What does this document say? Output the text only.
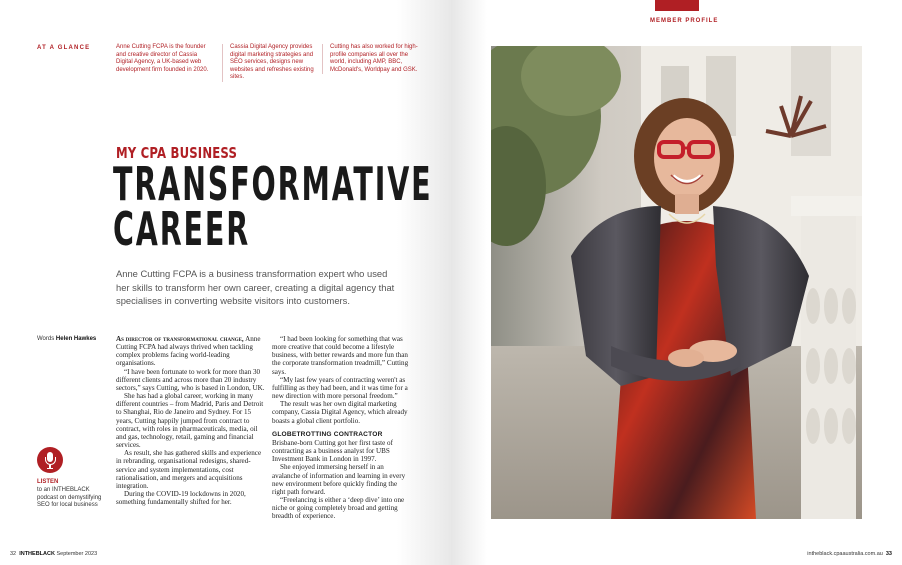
AT A GLANCE	Anne Cutting FCPA is the founder and creative director of Cassia Digital Agency, a UK-based web development firm founded in 2020.
Cassia Digital Agency provides digital marketing strategies and SEO services, designs new websites and refreshes existing sites.
Cutting has also worked for high-profile companies all over the world, including AMP, BBC, McDonald's, Worldpay and GSK.
MY CPA BUSINESS
TRANSFORMATIVE
CAREER
Anne Cutting FCPA is a business transformation expert who used her skills to transform her own career, creating a digital agency that specialises in converting website visitors into customers.
Words Helen Hawkes
LISTEN
to an INTHEBLACK podcast on demystifying SEO for local business

As director of transformational change, Anne Cutting FCPA had always thrived when tackling complex problems facing world-leading organisations.

“I have been fortunate to work for more than 30 different clients and across more than 20 industry sectors,” says Cutting, who is based in London, UK.

She has had a global career, working in many different countries – from Madrid, Paris and Detroit to Shanghai, Rio de Janeiro and Sydney. For 15 years, Cutting happily jumped from contract to contract, with roles in pharmaceuticals, media, oil and gas, technology, retail, gaming and financial services.

As result, she has gathered skills and experience in rebranding, organisational redesigns, shared-service and system implementations, cost rationalisation, and mergers and acquisitions integration.

During the COVID-19 lockdowns in 2020, something fundamentally shifted for her.

“I had been looking for something that was more creative that could become a lifestyle business, with better rewards and more fun than the corporate transformation treadmill,” Cutting says.

“My last few years of contracting weren't as fulfilling as they had been, and it was time for a new direction with more personal freedom.”

The result was her own digital marketing company, Cassia Digital Agency, which already boasts a global client portfolio.

GLOBETROTTING CONTRACTOR

Brisbane-born Cutting got her first taste of contracting as a business analyst for UBS Investment Bank in London in 1997.

She enjoyed immersing herself in an avalanche of information and learning in every new environment before quickly finding the right path forward.

“Freelancing is either a ‘deep dive’ into one niche or going completely broad and getting breadth of experience.

32 INTHEBLACK September 2023
MEMBER PROFILE
intheblack.cpaaustralia.com.au 33
